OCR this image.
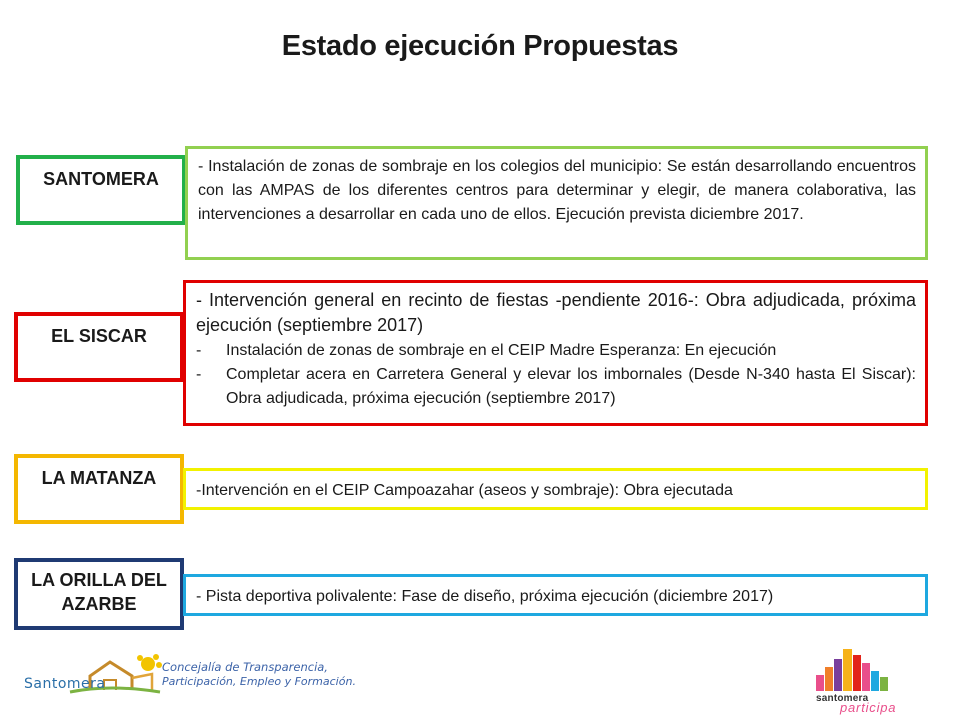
Estado ejecución Propuestas
SANTOMERA
- Instalación de zonas de sombraje en los colegios del municipio: Se están desarrollando encuentros con las AMPAS de los diferentes centros para determinar y elegir, de manera colaborativa, las intervenciones a desarrollar en cada uno de ellos. Ejecución prevista diciembre 2017.
EL SISCAR
- Intervención general en recinto de fiestas -pendiente 2016-: Obra adjudicada, próxima ejecución (septiembre 2017)
-	Instalación de zonas de sombraje en el CEIP Madre Esperanza: En ejecución
-	Completar acera en Carretera General y elevar los imbornales (Desde N-340 hasta El Siscar): Obra adjudicada, próxima ejecución (septiembre 2017)
LA MATANZA
-Intervención en el CEIP Campoazahar (aseos y sombraje): Obra ejecutada
LA ORILLA DEL AZARBE	- Pista deportiva polivalente: Fase de diseño, próxima ejecución (diciembre 2017)
Santomera
Concejalía de Transparencia,
Participación, Empleo y Formación.
santomera
participa
